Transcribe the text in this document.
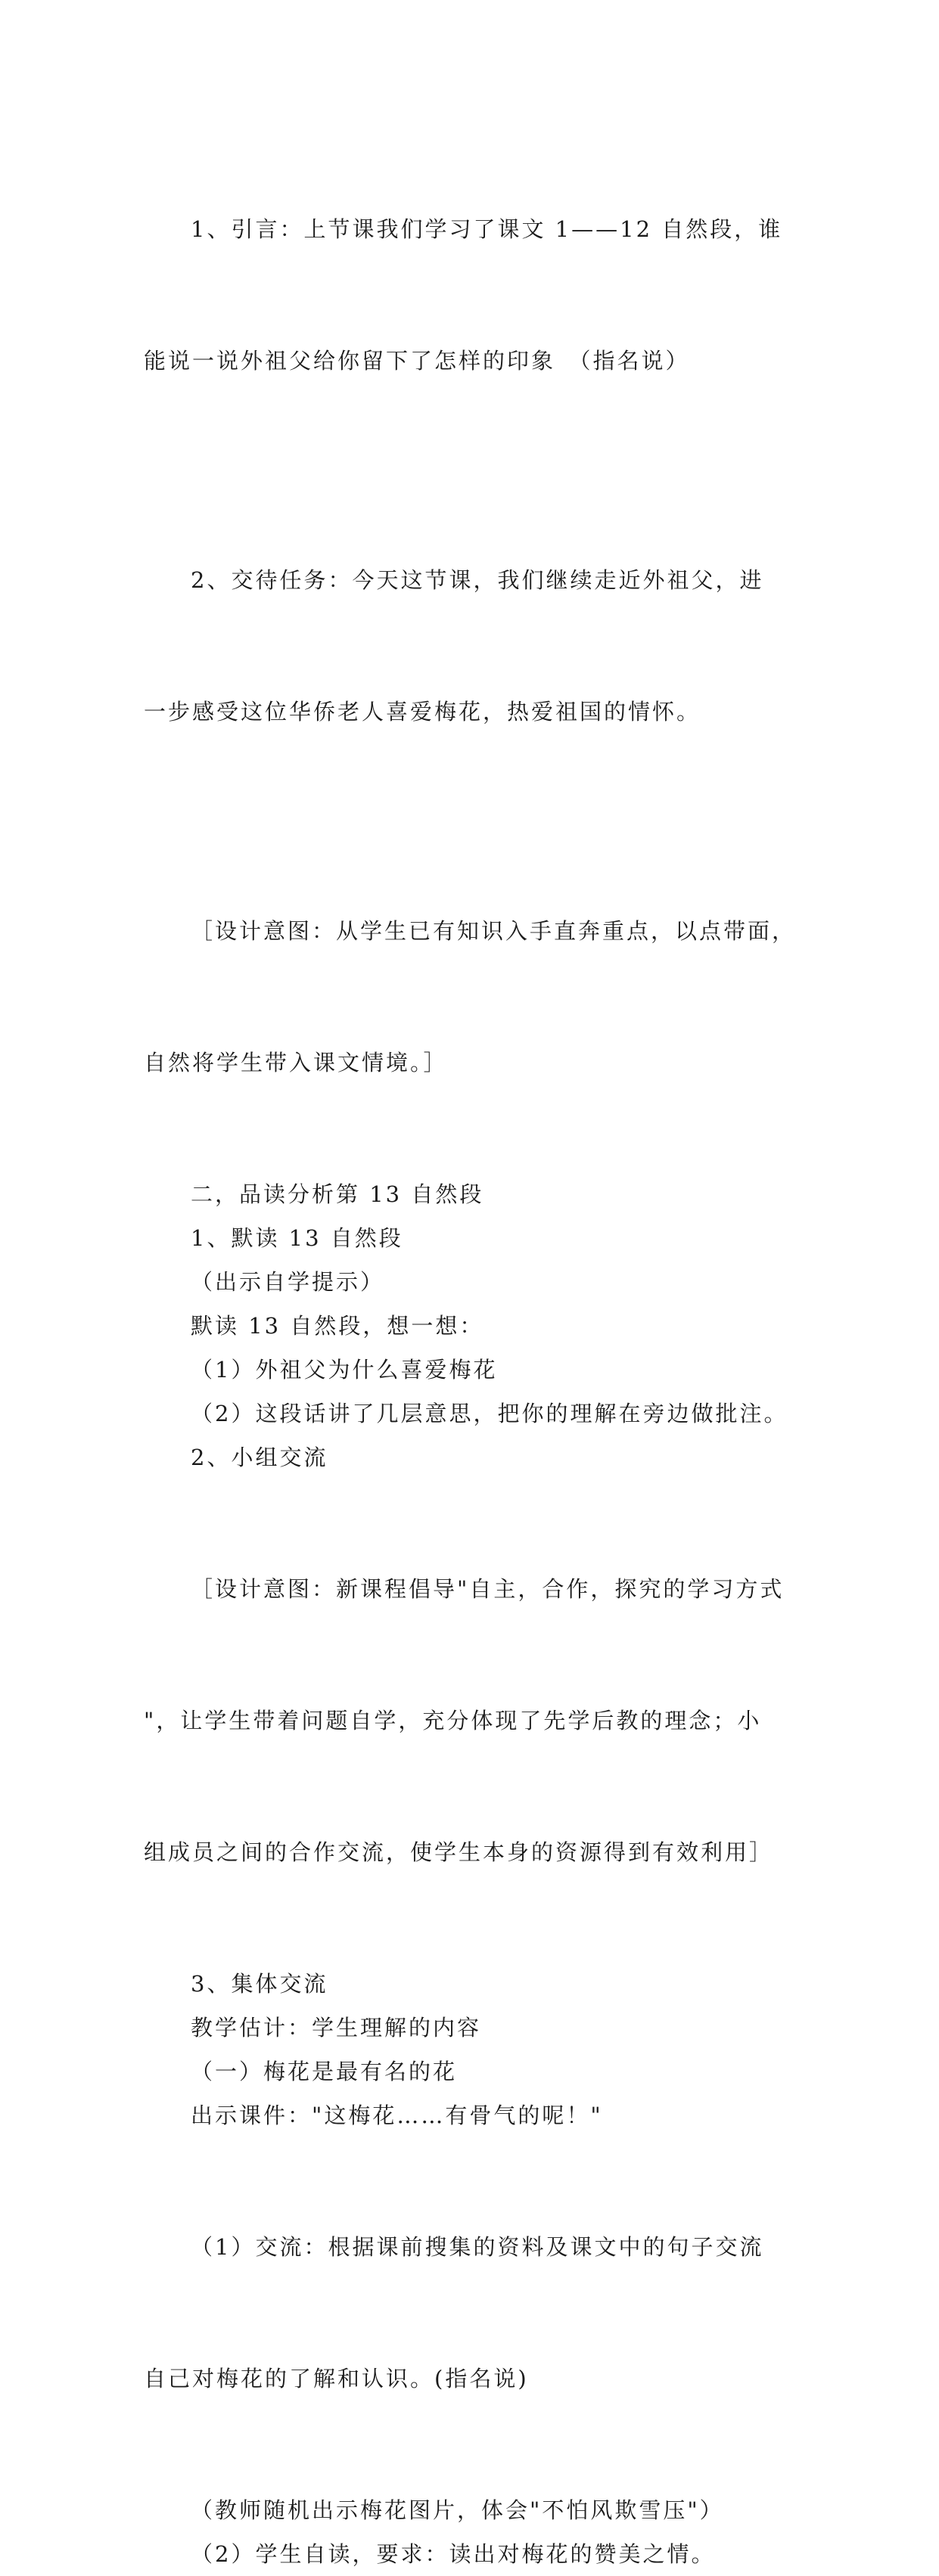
1、引言：上节课我们学习了课文 1——12 自然段，谁

能说一说外祖父给你留下了怎样的印象　（指名说）

2、交待任务：今天这节课，我们继续走近外祖父，进

一步感受这位华侨老人喜爱梅花，热爱祖国的情怀。

［设计意图：从学生已有知识入手直奔重点，以点带面，

自然将学生带入课文情境。］

二，品读分析第 13 自然段
1、默读 13 自然段
（出示自学提示）
默读 13 自然段，想一想：
（1）外祖父为什么喜爱梅花
（2）这段话讲了几层意思，把你的理解在旁边做批注。
2、小组交流

［设计意图：新课程倡导"自主，合作，探究的学习方式

"，让学生带着问题自学，充分体现了先学后教的理念；小

组成员之间的合作交流，使学生本身的资源得到有效利用］

3、集体交流
教学估计：学生理解的内容
（一）梅花是最有名的花
出示课件："这梅花……有骨气的呢！"

（1）交流：根据课前搜集的资料及课文中的句子交流

自己对梅花的了解和认识。(指名说)

（教师随机出示梅花图片，体会"不怕风欺雪压"）
（2）学生自读，要求：读出对梅花的赞美之情。
